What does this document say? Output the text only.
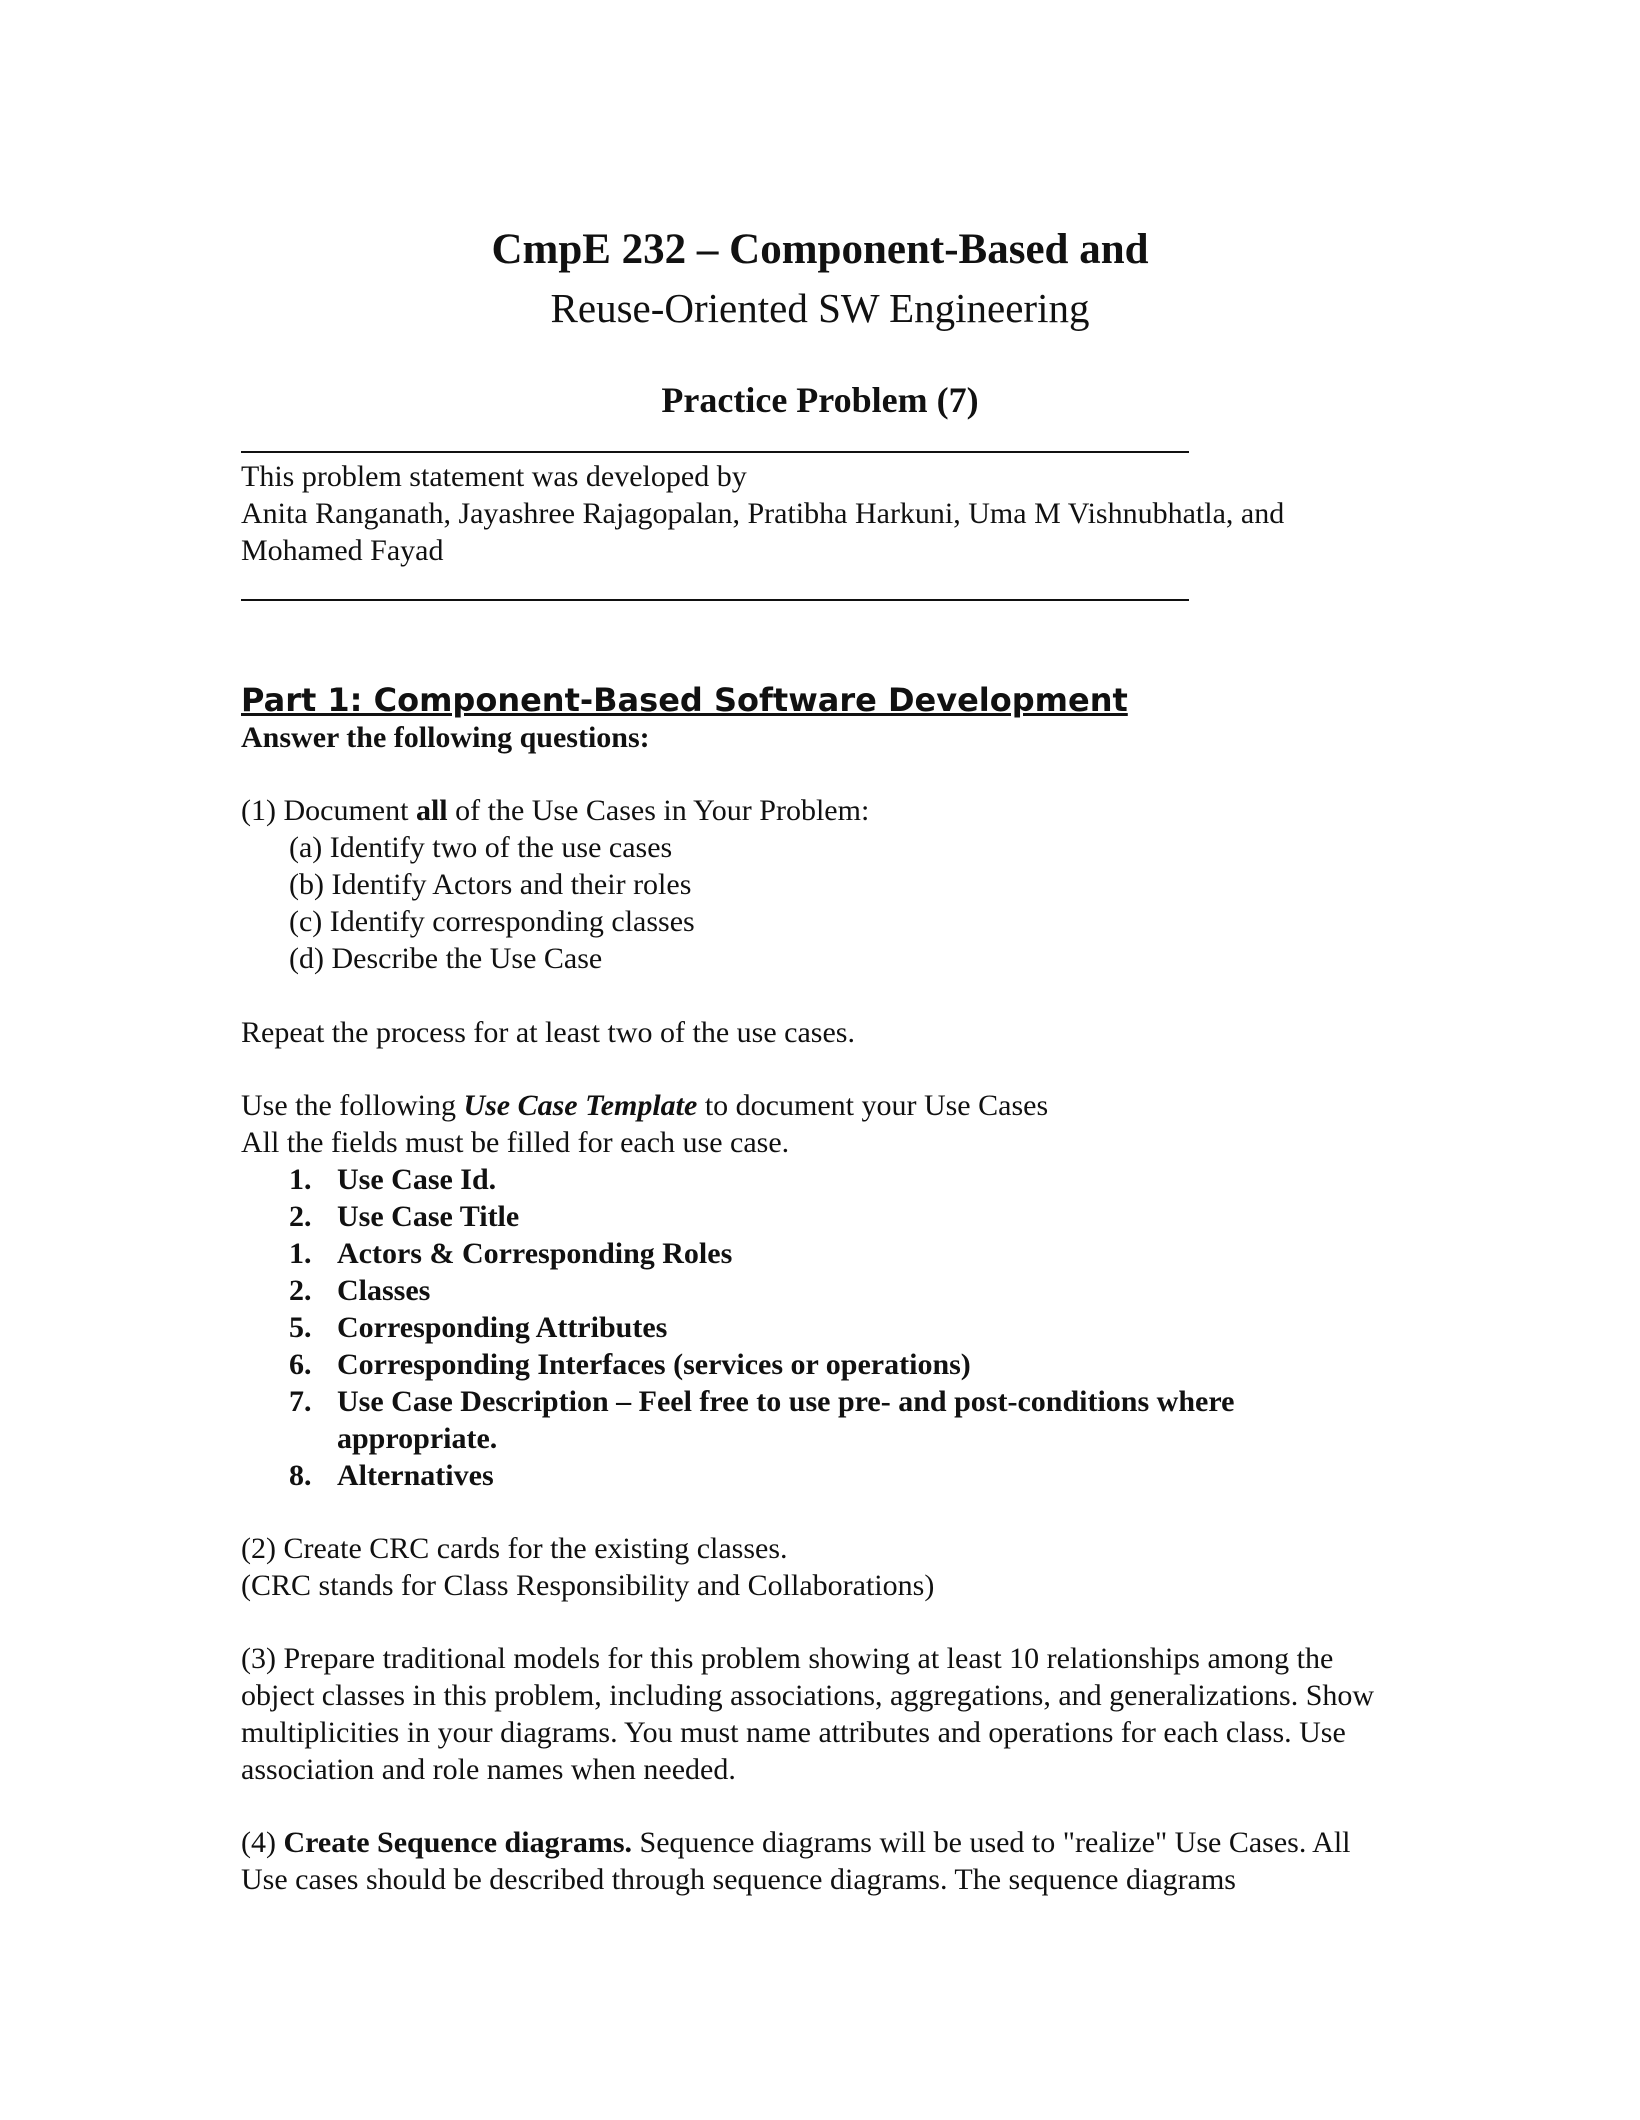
CmpE 232 – Component-Based and
Reuse-Oriented SW Engineering
Practice Problem (7)
This problem statement was developed by
Anita Ranganath, Jayashree Rajagopalan, Pratibha Harkuni, Uma M Vishnubhatla, and
Mohamed Fayad
Part 1: Component-Based Software Development
Answer the following questions:
(1) Document all of the Use Cases in Your Problem:
(a) Identify two of the use cases
(b) Identify Actors and their roles
(c) Identify corresponding classes
(d) Describe the Use Case
Repeat the process for at least two of the use cases.
Use the following Use Case Template to document your Use Cases
All the fields must be filled for each use case.
1. Use Case Id.
2. Use Case Title
1. Actors & Corresponding Roles
2. Classes
5. Corresponding Attributes
6. Corresponding Interfaces (services or operations)
7. Use Case Description – Feel free to use pre- and post-conditions where appropriate.
8. Alternatives
(2) Create CRC cards for the existing classes.
(CRC stands for Class Responsibility and Collaborations)
(3) Prepare traditional models for this problem showing at least 10 relationships among the object classes in this problem, including associations, aggregations, and generalizations. Show multiplicities in your diagrams. You must name attributes and operations for each class. Use association and role names when needed.
(4) Create Sequence diagrams. Sequence diagrams will be used to "realize" Use Cases. All Use cases should be described through sequence diagrams. The sequence diagrams
